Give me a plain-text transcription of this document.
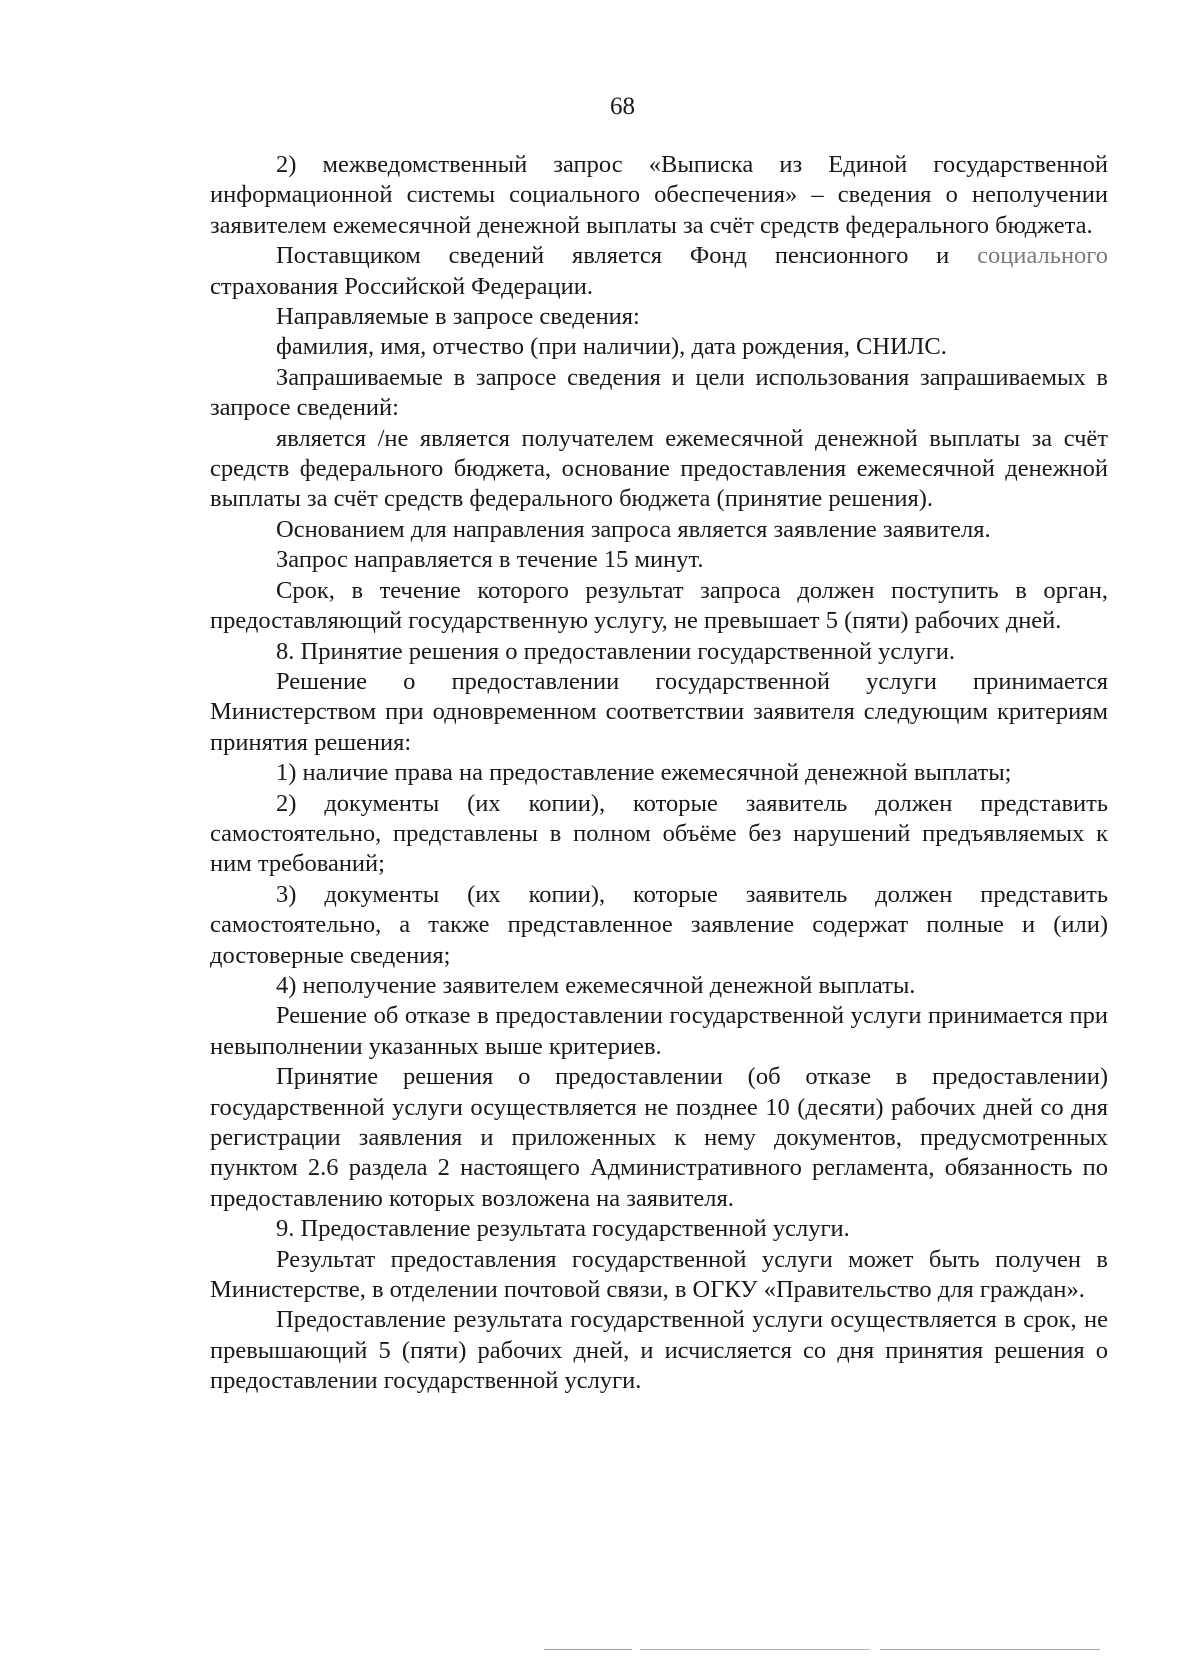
68

2) межведомственный запрос «Выписка из Единой государственной информационной системы социального обеспечения» – сведения о неполучении заявителем ежемесячной денежной выплаты за счёт средств федерального бюджета.

Поставщиком сведений является Фонд пенсионного и социального страхования Российской Федерации.

Направляемые в запросе сведения:

фамилия, имя, отчество (при наличии), дата рождения, СНИЛС.

Запрашиваемые в запросе сведения и цели использования запрашиваемых в запросе сведений:

является /не является получателем ежемесячной денежной выплаты за счёт средств федерального бюджета, основание предоставления ежемесячной денежной выплаты за счёт средств федерального бюджета (принятие решения).

Основанием для направления запроса является заявление заявителя.

Запрос направляется в течение 15 минут.

Срок, в течение которого результат запроса должен поступить в орган, предоставляющий государственную услугу, не превышает 5 (пяти) рабочих дней.

8. Принятие решения о предоставлении государственной услуги.

Решение о предоставлении государственной услуги принимается Министерством при одновременном соответствии заявителя следующим критериям принятия решения:

1) наличие права на предоставление ежемесячной денежной выплаты;

2) документы (их копии), которые заявитель должен представить самостоятельно, представлены в полном объёме без нарушений предъявляемых к ним требований;

3) документы (их копии), которые заявитель должен представить самостоятельно, а также представленное заявление содержат полные и (или) достоверные сведения;

4) неполучение заявителем ежемесячной денежной выплаты.

Решение об отказе в предоставлении государственной услуги принимается при невыполнении указанных выше критериев.

Принятие решения о предоставлении (об отказе в предоставлении) государственной услуги осуществляется не позднее 10 (десяти) рабочих дней со дня регистрации заявления и приложенных к нему документов, предусмотренных пунктом 2.6 раздела 2 настоящего Административного регламента, обязанность по предоставлению которых возложена на заявителя.

9. Предоставление результата государственной услуги.

Результат предоставления государственной услуги может быть получен в Министерстве, в отделении почтовой связи, в ОГКУ «Правительство для граждан».

Предоставление результата государственной услуги осуществляется в срок, не превышающий 5 (пяти) рабочих дней, и исчисляется со дня принятия решения о предоставлении государственной услуги.
